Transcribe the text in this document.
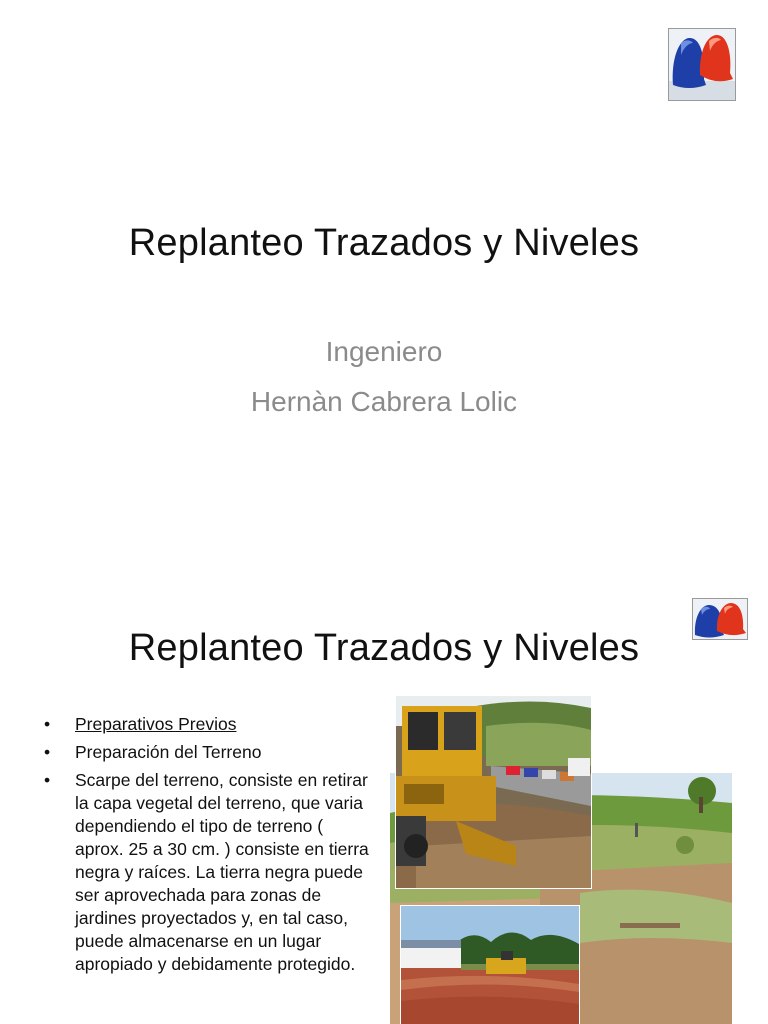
Replanteo Trazados y Niveles
Ingeniero
Hernàn Cabrera Lolic
Replanteo Trazados y Niveles
• Preparativos Previos
• Preparación del Terreno
• Scarpe del terreno, consiste en retirar la capa vegetal del terreno, que varia dependiendo el tipo de terreno ( aprox. 25 a 30 cm. ) consiste en tierra negra y raíces. La tierra negra puede ser aprovechada para zonas de jardines proyectados y, en tal caso, puede almacenarse en un lugar apropiado y debidamente protegido.
